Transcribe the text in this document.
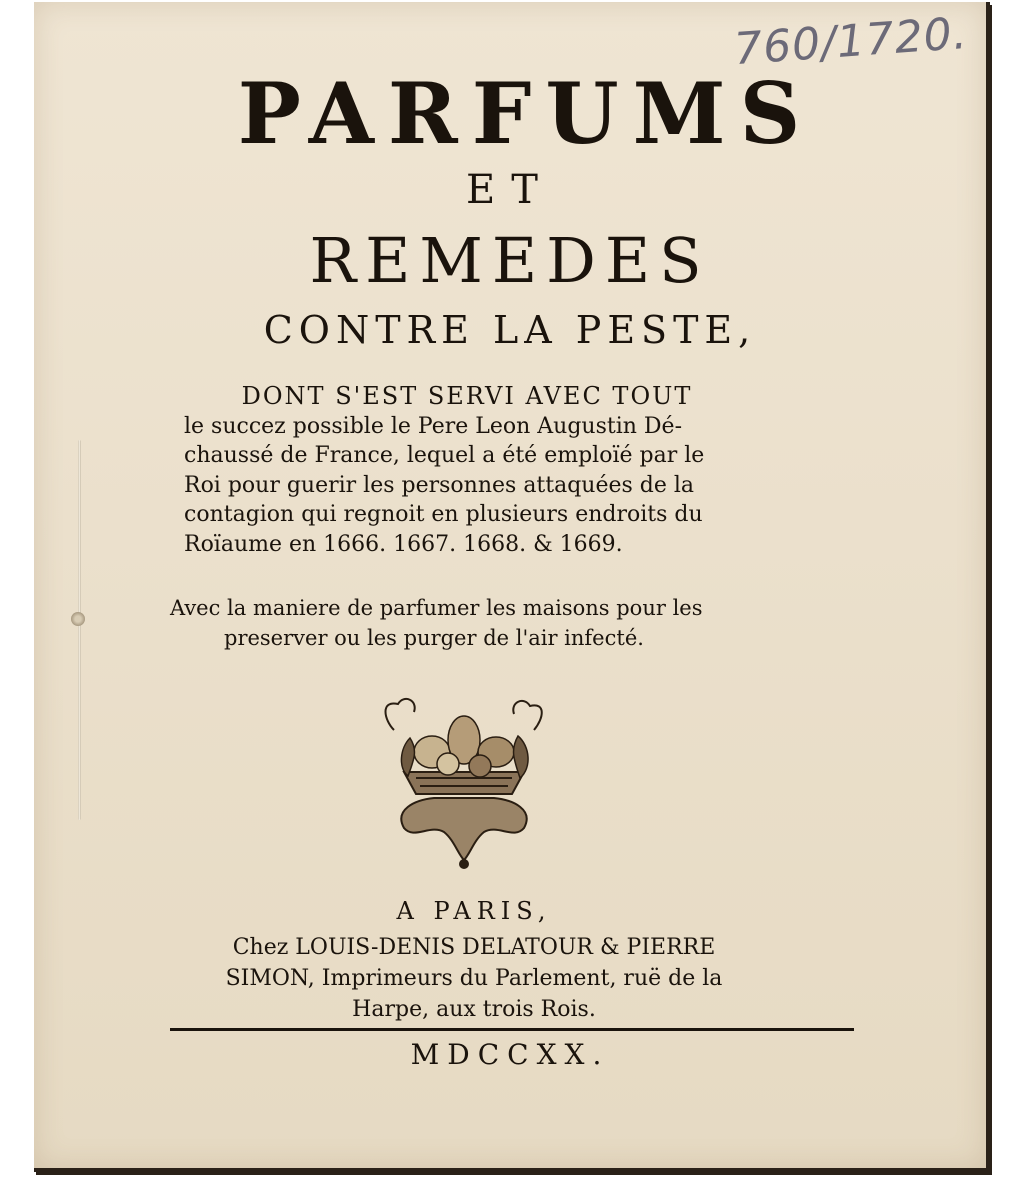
760/1720.
PARFUMS
ET
REMEDES
CONTRE LA PESTE,
DONT S'EST SERVI AVEC TOUT
le succez possible le Pere Leon Augustin Dé-
chaussé de France, lequel a été emploïé par le
Roi pour guerir les personnes attaquées de la
contagion qui regnoit en plusieurs endroits du
Roïaume en 1666. 1667. 1668. & 1669.
Avec la maniere de parfumer les maisons pour les
preserver ou les purger de l'air infecté.
A PARIS,
Chez LOUIS-DENIS DELATOUR & PIERRE
SIMON, Imprimeurs du Parlement, ruë de la
Harpe, aux trois Rois.
MDCCXX.
